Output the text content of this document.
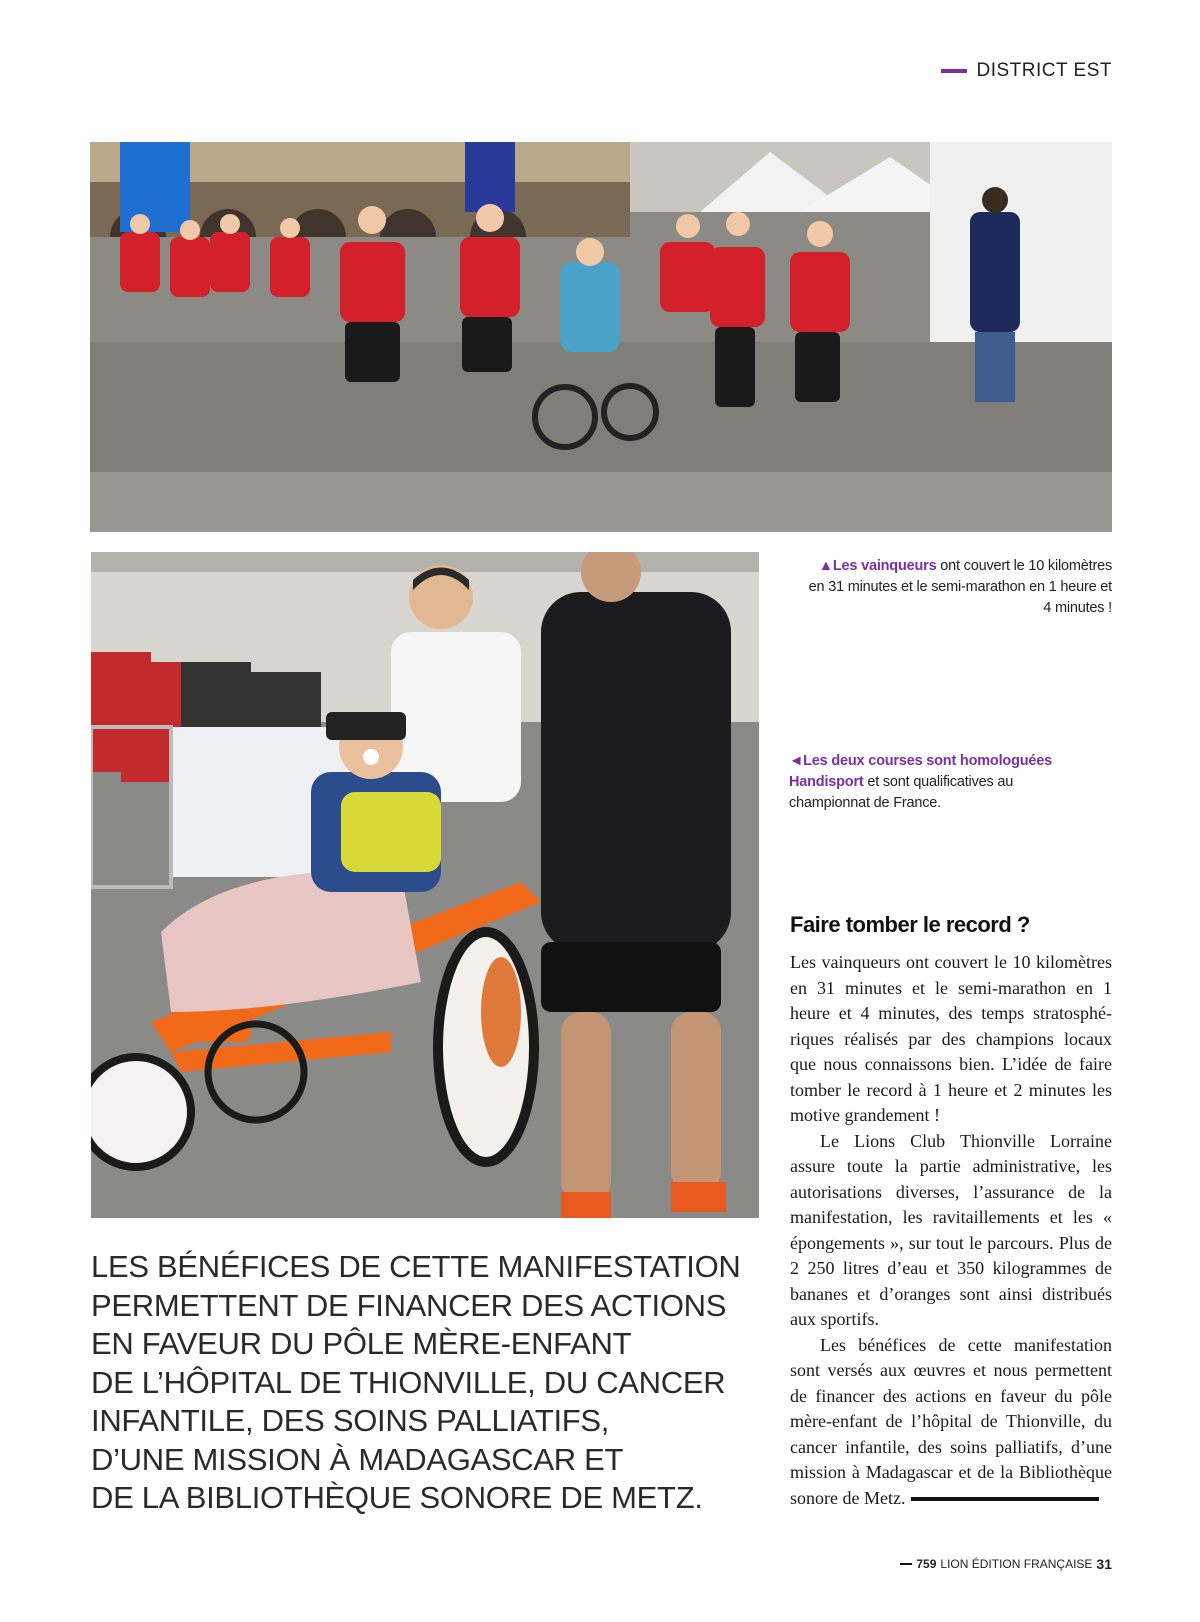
DISTRICT EST
▲Les vainqueurs ont couvert le 10 kilomètres en 31 minutes et le semi-marathon en 1 heure et 4 minutes !
◄Les deux courses sont homologuées Handisport et sont qualificatives au championnat de France.
Faire tomber le record ?

Les vainqueurs ont couvert le 10 kilomètres en 31 minutes et le semi-marathon en 1 heure et 4 minutes, des temps stratosphériques réalisés par des champions locaux que nous connaissons bien. L’idée de faire tomber le record à 1 heure et 2 minutes les motive grandement !

Le Lions Club Thionville Lorraine assure toute la partie administrative, les autorisations diverses, l’assurance de la manifestation, les ravitaillements et les « épongements », sur tout le parcours. Plus de 2 250 litres d’eau et 350 kilogrammes de bananes et d’oranges sont ainsi distribués aux sportifs.

Les bénéfices de cette manifestation sont versés aux œuvres et nous permettent de financer des actions en faveur du pôle mère-enfant de l’hôpital de Thionville, du cancer infantile, des soins palliatifs, d’une mission à Madagascar et de la Bibliothèque sonore de Metz.

LES BÉNÉFICES DE CETTE MANIFESTATION
PERMETTENT DE FINANCER DES ACTIONS
EN FAVEUR DU PÔLE MÈRE-ENFANT
DE L’HÔPITAL DE THIONVILLE, DU CANCER
INFANTILE, DES SOINS PALLIATIFS,
D’UNE MISSION À MADAGASCAR ET
DE LA BIBLIOTHÈQUE SONORE DE METZ.
759 LION ÉDITION FRANÇAISE 31
